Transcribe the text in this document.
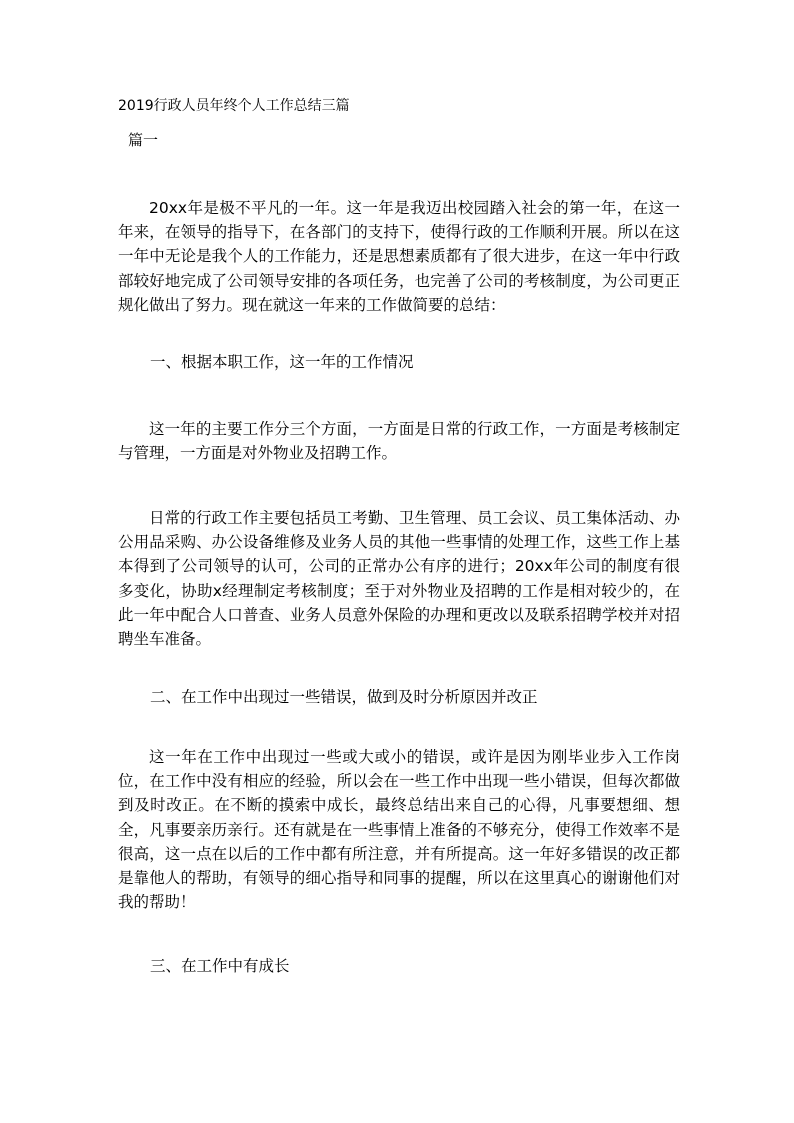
2019行政人员年终个人工作总结三篇
篇一

20xx年是极不平凡的一年。这一年是我迈出校园踏入社会的第一年，在这一年来，在领导的指导下，在各部门的支持下，使得行政的工作顺利开展。所以在这一年中无论是我个人的工作能力，还是思想素质都有了很大进步，在这一年中行政部较好地完成了公司领导安排的各项任务，也完善了公司的考核制度，为公司更正规化做出了努力。现在就这一年来的工作做简要的总结：

一、根据本职工作，这一年的工作情况

这一年的主要工作分三个方面，一方面是日常的行政工作，一方面是考核制定与管理，一方面是对外物业及招聘工作。

日常的行政工作主要包括员工考勤、卫生管理、员工会议、员工集体活动、办公用品采购、办公设备维修及业务人员的其他一些事情的处理工作，这些工作上基本得到了公司领导的认可，公司的正常办公有序的进行；20xx年公司的制度有很多变化，协助x经理制定考核制度；至于对外物业及招聘的工作是相对较少的，在此一年中配合人口普查、业务人员意外保险的办理和更改以及联系招聘学校并对招聘坐车准备。

二、在工作中出现过一些错误，做到及时分析原因并改正

这一年在工作中出现过一些或大或小的错误，或许是因为刚毕业步入工作岗位，在工作中没有相应的经验，所以会在一些工作中出现一些小错误，但每次都做到及时改正。在不断的摸索中成长，最终总结出来自己的心得，凡事要想细、想全，凡事要亲历亲行。还有就是在一些事情上准备的不够充分，使得工作效率不是很高，这一点在以后的工作中都有所注意，并有所提高。这一年好多错误的改正都是靠他人的帮助，有领导的细心指导和同事的提醒，所以在这里真心的谢谢他们对我的帮助！

三、在工作中有成长
